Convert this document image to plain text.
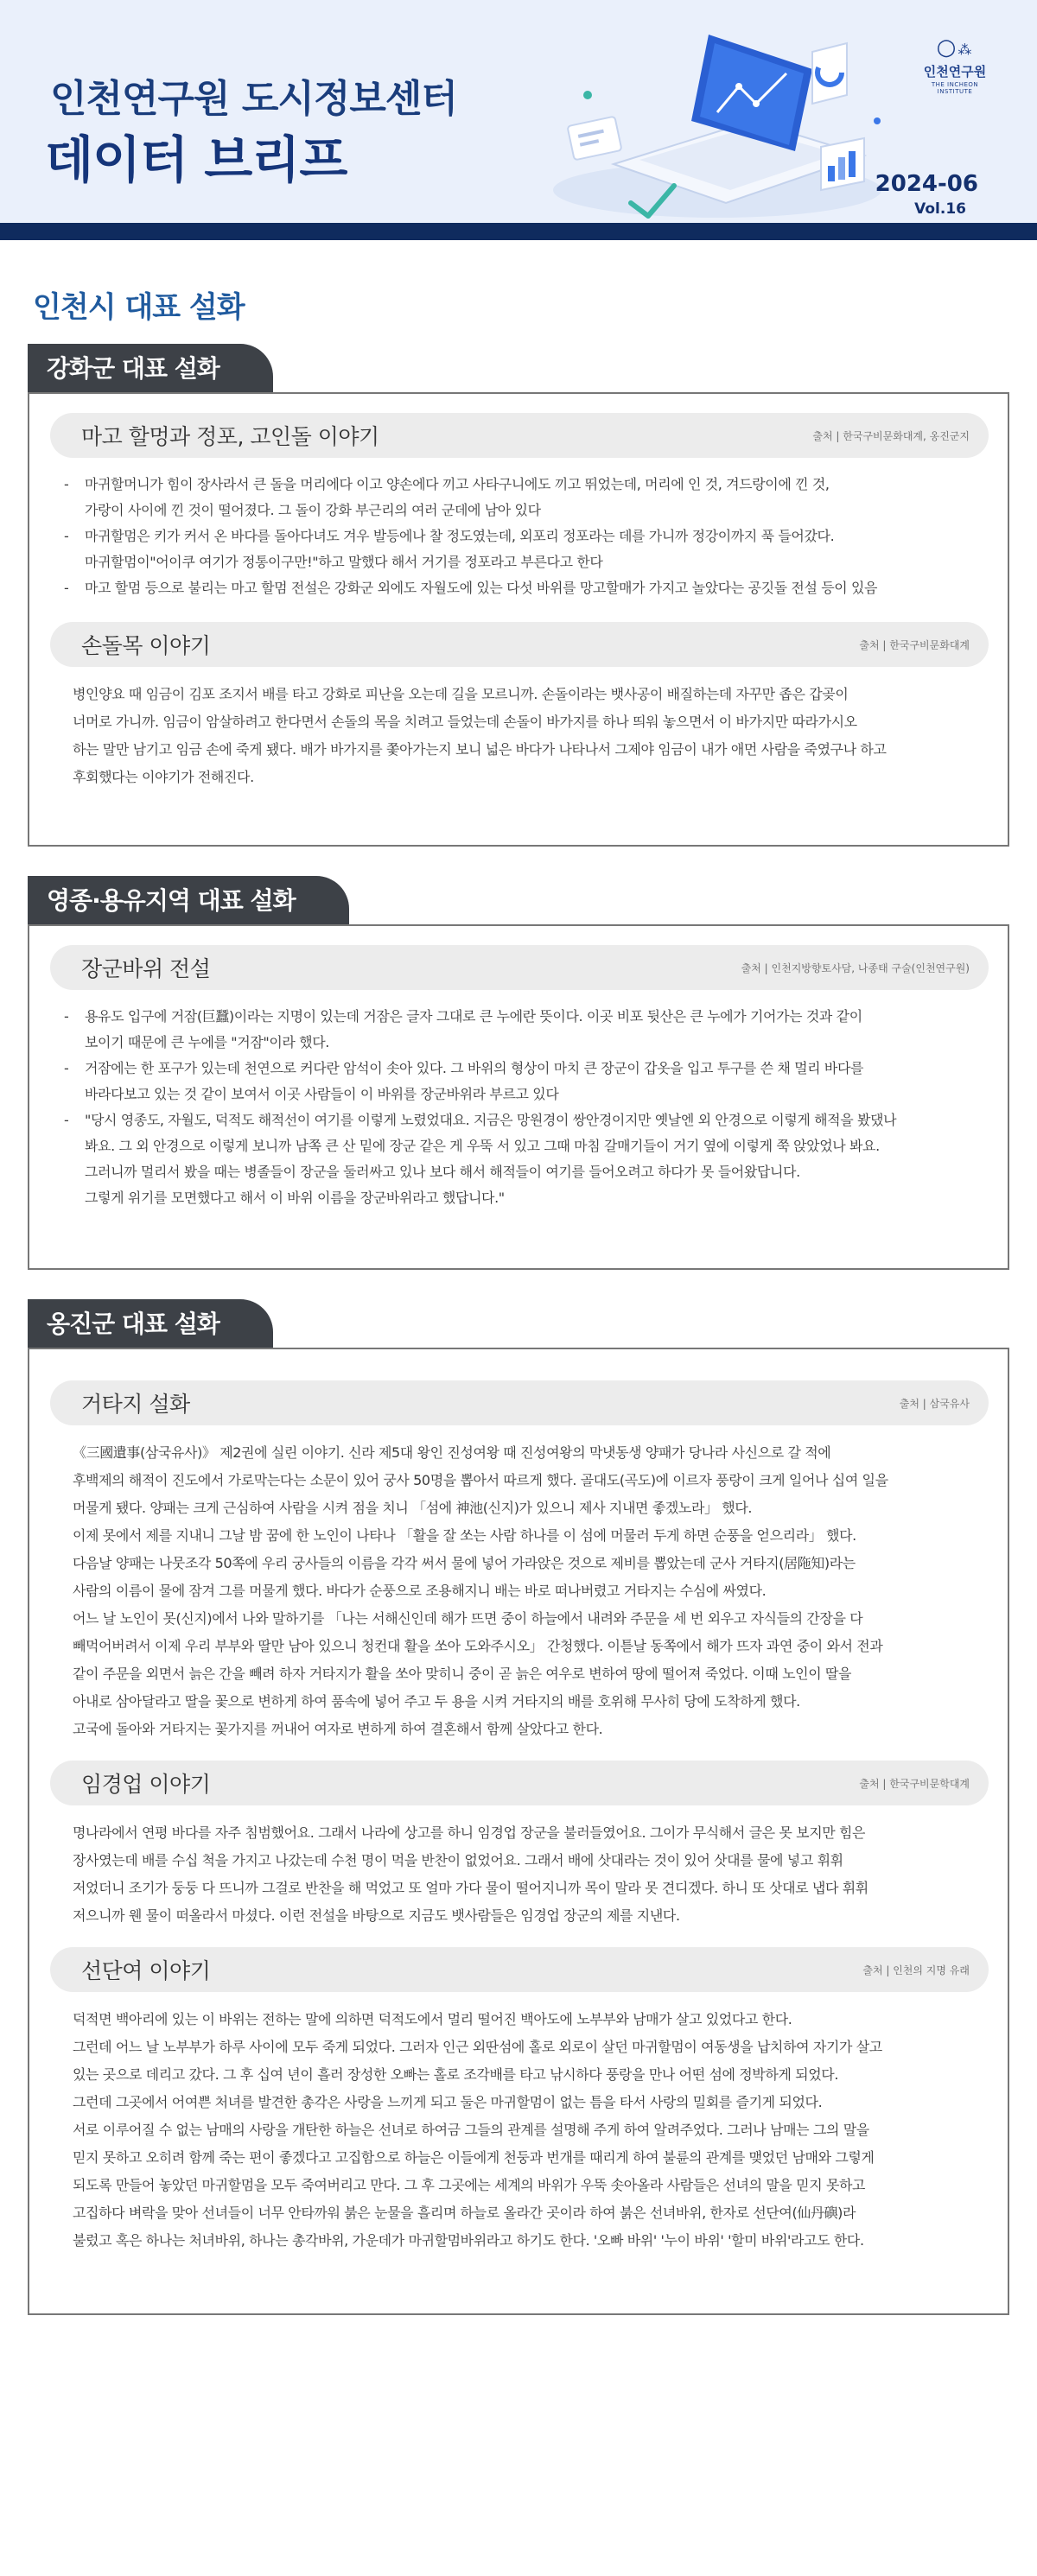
인천연구원 도시정보센터
데이터 브리프
○⁂
인천연구원
THE INCHEON INSTITUTE
2024-06
Vol.16
인천시 대표 설화
강화군 대표 설화
마고 할멍과 정포, 고인돌 이야기	출처 | 한국구비문화대계, 옹진군지
- 마귀할머니가 힘이 장사라서 큰 돌을 머리에다 이고 양손에다 끼고 사타구니에도 끼고 뛰었는데, 머리에 인 것, 겨드랑이에 낀 것,
가랑이 사이에 낀 것이 떨어졌다. 그 돌이 강화 부근리의 여러 군데에 남아 있다
- 마귀할멈은 키가 커서 온 바다를 돌아다녀도 겨우 발등에나 찰 정도였는데, 외포리 정포라는 데를 가니까 정강이까지 푹 들어갔다.
마귀할멈이"어이쿠 여기가 정통이구만!"하고 말했다 해서 거기를 정포라고 부른다고 한다
- 마고 할멈 등으로 불리는 마고 할멈 전설은 강화군 외에도 자월도에 있는 다섯 바위를 망고할매가 가지고 놀았다는 공깃돌 전설 등이 있음
손돌목 이야기	출처 | 한국구비문화대계
병인양요 때 임금이 김포 조지서 배를 타고 강화로 피난을 오는데 길을 모르니까. 손돌이라는 뱃사공이 배질하는데 자꾸만 좁은 갑곶이
너머로 가니까. 임금이 암살하려고 한다면서 손돌의 목을 치려고 들었는데 손돌이 바가지를 하나 띄워 놓으면서 이 바가지만 따라가시오
하는 말만 남기고 임금 손에 죽게 됐다. 배가 바가지를 쫓아가는지 보니 넓은 바다가 나타나서 그제야 임금이 내가 애먼 사람을 죽였구나 하고
후회했다는 이야기가 전해진다.
영종·용유지역 대표 설화
장군바위 전설	출처 | 인천지방향토사담, 나종태 구술(인천연구원)
- 용유도 입구에 거잠(巨蠶)이라는 지명이 있는데 거잠은 글자 그대로 큰 누에란 뜻이다. 이곳 비포 뒷산은 큰 누에가 기어가는 것과 같이
보이기 때문에 큰 누에를 "거잠"이라 했다.
- 거잠에는 한 포구가 있는데 천연으로 커다란 암석이 솟아 있다. 그 바위의 형상이 마치 큰 장군이 갑옷을 입고 투구를 쓴 채 멀리 바다를
바라다보고 있는 것 같이 보여서 이곳 사람들이 이 바위를 장군바위라 부르고 있다
- "당시 영종도, 자월도, 덕적도 해적선이 여기를 이렇게 노렸었대요. 지금은 망원경이 쌍안경이지만 옛날엔 외 안경으로 이렇게 해적을 봤댔나
봐요. 그 외 안경으로 이렇게 보니까 남쪽 큰 산 밑에 장군 같은 게 우뚝 서 있고 그때 마침 갈매기들이 거기 옆에 이렇게 쭉 앉았었나 봐요.
그러니까 멀리서 봤을 때는 병졸들이 장군을 둘러싸고 있나 보다 해서 해적들이 여기를 들어오려고 하다가 못 들어왔답니다.
그렇게 위기를 모면했다고 해서 이 바위 이름을 장군바위라고 했답니다."
옹진군 대표 설화
거타지 설화	출처 | 삼국유사
《三國遺事(삼국유사)》 제2권에 실린 이야기. 신라 제5대 왕인 진성여왕 때 진성여왕의 막냇동생 양패가 당나라 사신으로 갈 적에
후백제의 해적이 진도에서 가로막는다는 소문이 있어 궁사 50명을 뽑아서 따르게 했다. 골대도(곡도)에 이르자 풍랑이 크게 일어나 십여 일을
머물게 됐다. 양패는 크게 근심하여 사람을 시켜 점을 치니 「섬에 神池(신지)가 있으니 제사 지내면 좋겠노라」 했다.
이제 못에서 제를 지내니 그날 밤 꿈에 한 노인이 나타나 「활을 잘 쏘는 사람 하나를 이 섬에 머물러 두게 하면 순풍을 얻으리라」 했다.
다음날 양패는 나뭇조각 50쪽에 우리 궁사들의 이름을 각각 써서 물에 넣어 가라앉은 것으로 제비를 뽑았는데 군사 거타지(居陁知)라는
사람의 이름이 물에 잠겨 그를 머물게 했다. 바다가 순풍으로 조용해지니 배는 바로 떠나버렸고 거타지는 수심에 싸였다.
어느 날 노인이 못(신지)에서 나와 말하기를 「나는 서해신인데 해가 뜨면 중이 하늘에서 내려와 주문을 세 번 외우고 자식들의 간장을 다
빼먹어버려서 이제 우리 부부와 딸만 남아 있으니 청컨대 활을 쏘아 도와주시오」 간청했다. 이튿날 동쪽에서 해가 뜨자 과연 중이 와서 전과
같이 주문을 외면서 늙은 간을 빼려 하자 거타지가 활을 쏘아 맞히니 중이 곧 늙은 여우로 변하여 땅에 떨어져 죽었다. 이때 노인이 딸을
아내로 삼아달라고 딸을 꽃으로 변하게 하여 품속에 넣어 주고 두 용을 시켜 거타지의 배를 호위해 무사히 당에 도착하게 했다.
고국에 돌아와 거타지는 꽃가지를 꺼내어 여자로 변하게 하여 결혼해서 함께 살았다고 한다.
임경업 이야기	출처 | 한국구비문학대계
명나라에서 연평 바다를 자주 침범했어요. 그래서 나라에 상고를 하니 임경업 장군을 불러들였어요. 그이가 무식해서 글은 못 보지만 힘은
장사였는데 배를 수십 척을 가지고 나갔는데 수천 명이 먹을 반찬이 없었어요. 그래서 배에 삿대라는 것이 있어 삿대를 물에 넣고 휘휘
저었더니 조기가 둥둥 다 뜨니까 그걸로 반찬을 해 먹었고 또 얼마 가다 물이 떨어지니까 목이 말라 못 견디겠다. 하니 또 삿대로 냅다 휘휘
저으니까 웬 물이 떠올라서 마셨다. 이런 전설을 바탕으로 지금도 뱃사람들은 임경업 장군의 제를 지낸다.
선단여 이야기	출처 | 인천의 지명 유래
덕적면 백아리에 있는 이 바위는 전하는 말에 의하면 덕적도에서 멀리 떨어진 백아도에 노부부와 남매가 살고 있었다고 한다.
그런데 어느 날 노부부가 하루 사이에 모두 죽게 되었다. 그러자 인근 외딴섬에 홀로 외로이 살던 마귀할멈이 여동생을 납치하여 자기가 살고
있는 곳으로 데리고 갔다. 그 후 십여 년이 흘러 장성한 오빠는 홀로 조각배를 타고 낚시하다 풍랑을 만나 어떤 섬에 정박하게 되었다.
그런데 그곳에서 어여쁜 처녀를 발견한 총각은 사랑을 느끼게 되고 둘은 마귀할멈이 없는 틈을 타서 사랑의 밀회를 즐기게 되었다.
서로 이루어질 수 없는 남매의 사랑을 개탄한 하늘은 선녀로 하여금 그들의 관계를 설명해 주게 하여 알려주었다. 그러나 남매는 그의 말을
믿지 못하고 오히려 함께 죽는 편이 좋겠다고 고집함으로 하늘은 이들에게 천둥과 번개를 때리게 하여 불륜의 관계를 맺었던 남매와 그렇게
되도록 만들어 놓았던 마귀할멈을 모두 죽여버리고 만다. 그 후 그곳에는 세계의 바위가 우뚝 솟아올라 사람들은 선녀의 말을 믿지 못하고
고집하다 벼락을 맞아 선녀들이 너무 안타까워 붉은 눈물을 흘리며 하늘로 올라간 곳이라 하여 붉은 선녀바위, 한자로 선단여(仙丹礖)라
불렀고 혹은 하나는 처녀바위, 하나는 총각바위, 가운데가 마귀할멈바위라고 하기도 한다. '오빠 바위' '누이 바위' '할미 바위'라고도 한다.
